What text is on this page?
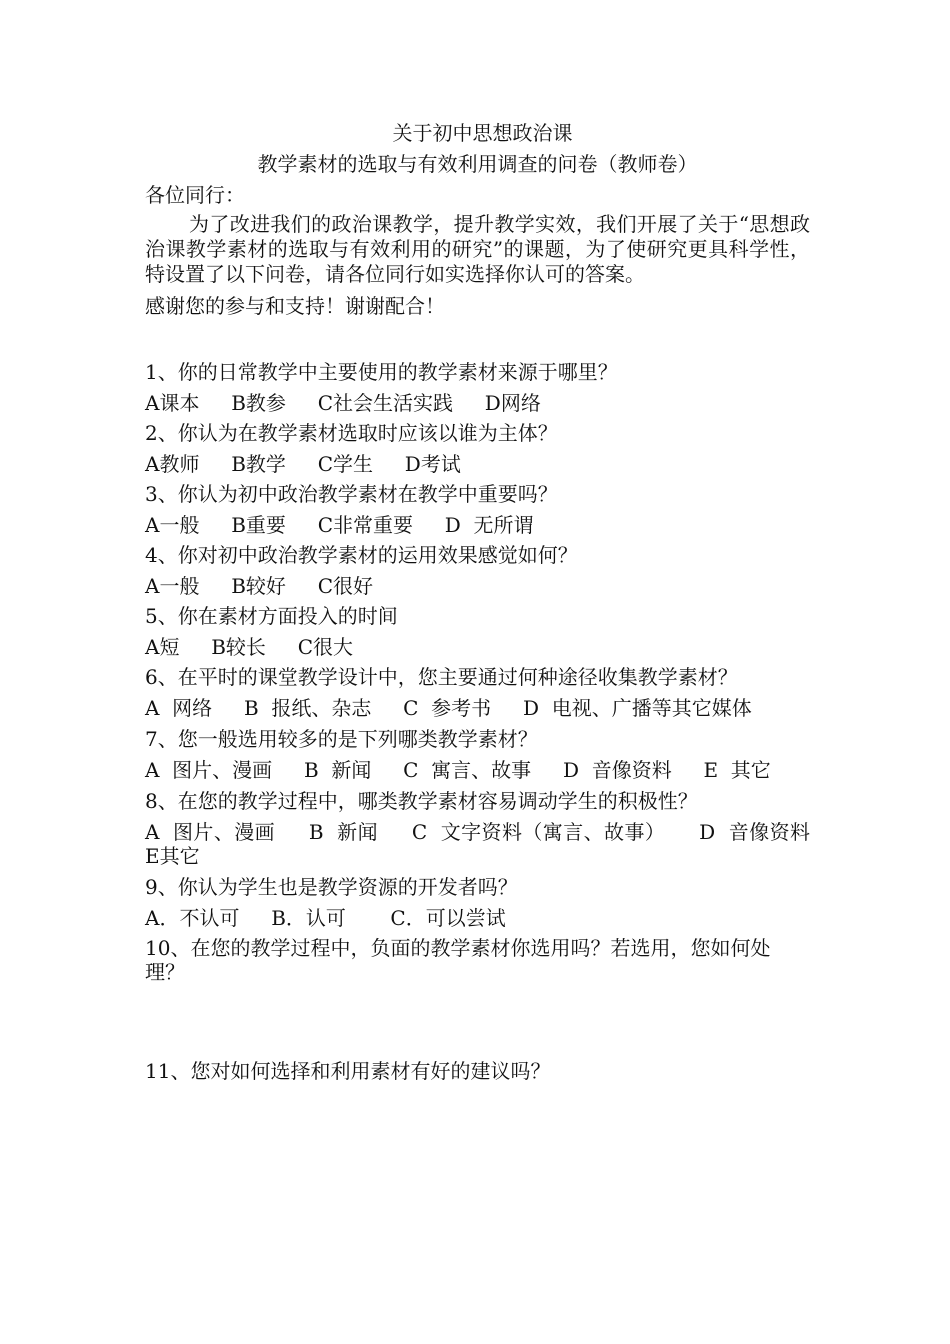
关于初中思想政治课

教学素材的选取与有效利用调查的问卷（教师卷）

各位同行：

为了改进我们的政治课教学，提升教学实效，我们开展了关于“思想政治课教学素材的选取与有效利用的研究”的课题，为了使研究更具科学性，特设置了以下问卷，请各位同行如实选择你认可的答案。

感谢您的参与和支持！谢谢配合！

1、你的日常教学中主要使用的教学素材来源于哪里？

A课本     B教参     C社会生活实践     D网络

2、你认为在教学素材选取时应该以谁为主体？

A教师     B教学     C学生     D考试

3、你认为初中政治教学素材在教学中重要吗？

A一般     B重要     C非常重要     D  无所谓

4、你对初中政治教学素材的运用效果感觉如何？

A一般     B较好     C很好

5、你在素材方面投入的时间

A短     B较长     C很大

6、在平时的课堂教学设计中，您主要通过何种途径收集教学素材？

A  网络     B  报纸、杂志     C  参考书     D  电视、广播等其它媒体

7、您一般选用较多的是下列哪类教学素材？

A  图片、漫画     B  新闻     C  寓言、故事     D  音像资料     E  其它

8、在您的教学过程中，哪类教学素材容易调动学生的积极性？

A  图片、漫画     B  新闻     C  文字资料（寓言、故事）     D  音像资料     E其它

9、你认为学生也是教学资源的开发者吗？

A．不认可     B．认可       C．可以尝试

10、在您的教学过程中，负面的教学素材你选用吗？若选用，您如何处理？

11、您对如何选择和利用素材有好的建议吗？
